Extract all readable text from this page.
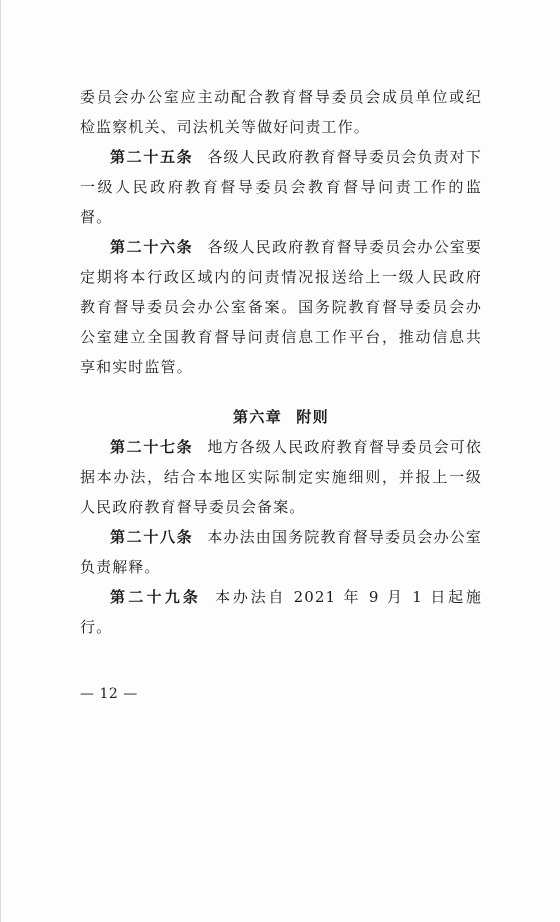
委员会办公室应主动配合教育督导委员会成员单位或纪检监察机关、司法机关等做好问责工作。

第二十五条 各级人民政府教育督导委员会负责对下一级人民政府教育督导委员会教育督导问责工作的监督。

第二十六条 各级人民政府教育督导委员会办公室要定期将本行政区域内的问责情况报送给上一级人民政府教育督导委员会办公室备案。国务院教育督导委员会办公室建立全国教育督导问责信息工作平台，推动信息共享和实时监管。

第六章 附则

第二十七条 地方各级人民政府教育督导委员会可依据本办法，结合本地区实际制定实施细则，并报上一级人民政府教育督导委员会备案。

第二十八条 本办法由国务院教育督导委员会办公室负责解释。

第二十九条 本办法自 2021 年 9 月 1 日起施行。

— 12 —
